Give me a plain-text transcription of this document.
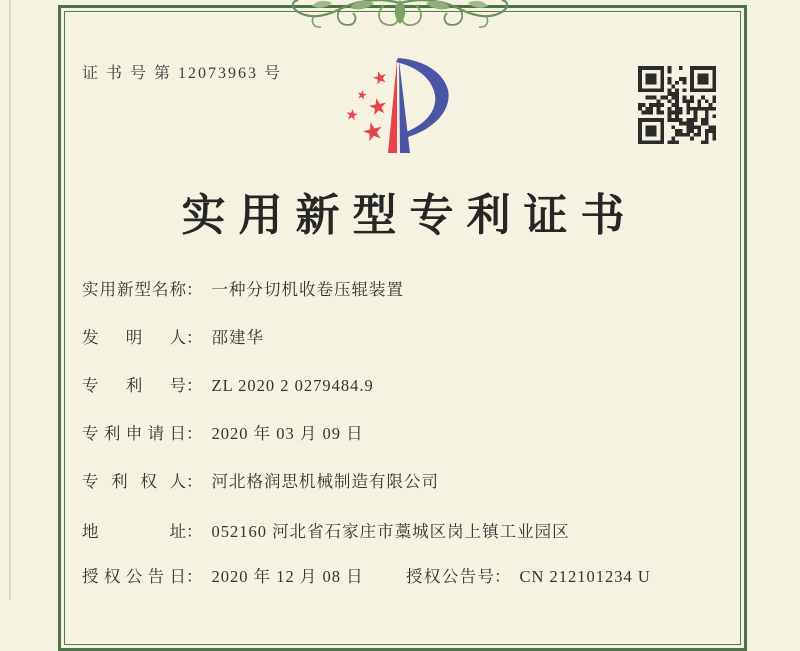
证 书 号 第 12073963 号
实用新型专利证书
实用新型名称： 一种分切机收卷压辊装置
发明人： 邵建华
专利号： ZL 2020 2 0279484.9
专利申请日： 2020 年 03 月 09 日
专利权人： 河北格润思机械制造有限公司
地址： 052160 河北省石家庄市藁城区岗上镇工业园区
授权公告日： 2020 年 12 月 08 日	授权公告号： CN 212101234 U
